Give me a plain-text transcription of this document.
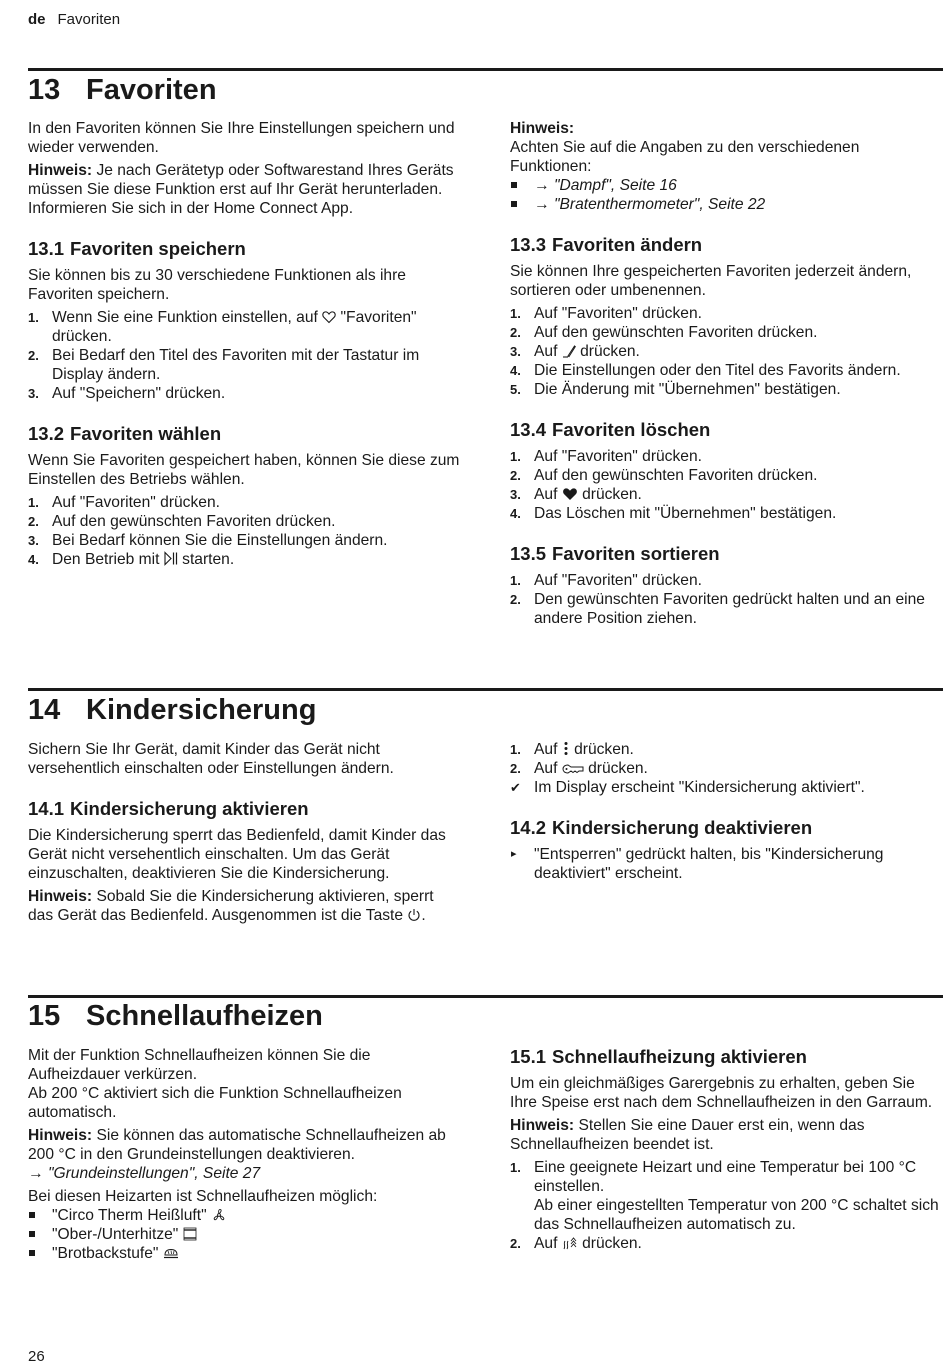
de Favoriten
13 Favoriten

In den Favoriten können Sie Ihre Einstellungen speichern und wieder verwenden.

Hinweis: Je nach Gerätetyp oder Softwarestand Ihres Geräts müssen Sie diese Funktion erst auf Ihr Gerät herunterladen. Informieren Sie sich in der Home Connect App.

13.1 Favoriten speichern

Sie können bis zu 30 verschiedene Funktionen als ihre Favoriten speichern.

1. Wenn Sie eine Funktion einstellen, auf  "Favoriten" drücken.
2. Bei Bedarf den Titel des Favoriten mit der Tastatur im Display ändern.
3. Auf "Speichern" drücken.
13.2 Favoriten wählen

Wenn Sie Favoriten gespeichert haben, können Sie diese zum Einstellen des Betriebs wählen.

1. Auf "Favoriten" drücken.
2. Auf den gewünschten Favoriten drücken.
3. Bei Bedarf können Sie die Einstellungen ändern.
4. Den Betrieb mit  starten.

Hinweis:

Achten Sie auf die Angaben zu den verschiedenen Funktionen:

→ "Dampf", Seite 16
→ "Bratenthermometer", Seite 22
13.3 Favoriten ändern

Sie können Ihre gespeicherten Favoriten jederzeit ändern, sortieren oder umbenennen.

1. Auf "Favoriten" drücken.
2. Auf den gewünschten Favoriten drücken.
3. Auf  drücken.
4. Die Einstellungen oder den Titel des Favorits ändern.
5. Die Änderung mit "Übernehmen" bestätigen.
13.4 Favoriten löschen
1. Auf "Favoriten" drücken.
2. Auf den gewünschten Favoriten drücken.
3. Auf  drücken.
4. Das Löschen mit "Übernehmen" bestätigen.
13.5 Favoriten sortieren
1. Auf "Favoriten" drücken.
2. Den gewünschten Favoriten gedrückt halten und an eine andere Position ziehen.
14 Kindersicherung

Sichern Sie Ihr Gerät, damit Kinder das Gerät nicht versehentlich einschalten oder Einstellungen ändern.

14.1 Kindersicherung aktivieren

Die Kindersicherung sperrt das Bedienfeld, damit Kinder das Gerät nicht versehentlich einschalten. Um das Gerät einzuschalten, deaktivieren Sie die Kindersicherung.

Hinweis: Sobald Sie die Kindersicherung aktivieren, sperrt das Gerät das Bedienfeld. Ausgenommen ist die Taste .

1. Auf  drücken.
2. Auf  drücken.
✔ Im Display erscheint "Kindersicherung aktiviert".
14.2 Kindersicherung deaktivieren
▸ "Entsperren" gedrückt halten, bis "Kindersicherung deaktiviert" erscheint.
15 Schnellaufheizen

Mit der Funktion Schnellaufheizen können Sie die Aufheizdauer verkürzen.

Ab 200 °C aktiviert sich die Funktion Schnellaufheizen automatisch.

Hinweis: Sie können das automatische Schnellaufheizen ab 200 °C in den Grundeinstellungen deaktivieren.

→ "Grundeinstellungen", Seite 27

Bei diesen Heizarten ist Schnellaufheizen möglich:

"Circo Therm Heißluft"
"Ober-/Unterhitze"
"Brotbackstufe"
15.1 Schnellaufheizung aktivieren

Um ein gleichmäßiges Garergebnis zu erhalten, geben Sie Ihre Speise erst nach dem Schnellaufheizen in den Garraum.

Hinweis: Stellen Sie eine Dauer erst ein, wenn das Schnellaufheizen beendet ist.

1. Eine geeignete Heizart und eine Temperatur bei 100 °C einstellen.
Ab einer eingestellten Temperatur von 200 °C schaltet sich das Schnellaufheizen automatisch zu.
2. Auf  drücken.
26
